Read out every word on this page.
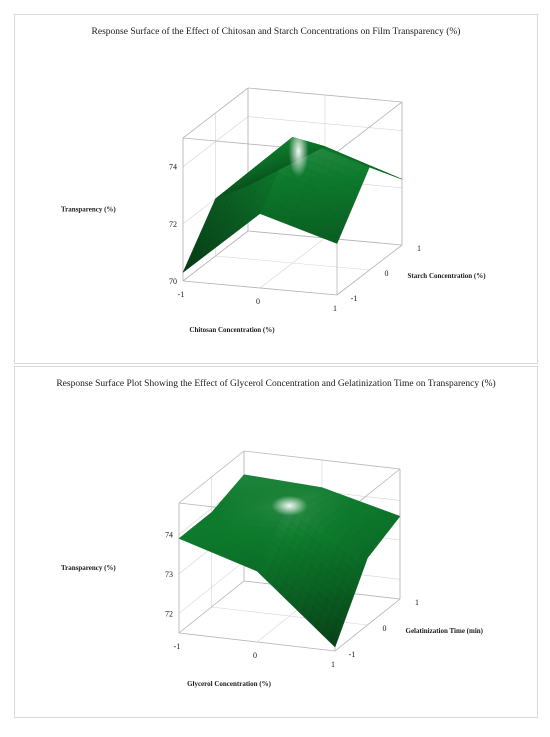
Response Surface of the Effect of Chitosan and Starch Concentrations on Film Transparency (%)
-1
0
1
-1
0
1
70
72
74
Chitosan Concentration (%)
Starch Concentration (%)
Transparency (%)
Response Surface Plot Showing the Effect of Glycerol Concentration and Gelatinization Time on Transparency (%)
-1
0
1
-1
0
1
72
73
74
Glycerol Concentration (%)
Gelatinization Time (min)
Transparency (%)
